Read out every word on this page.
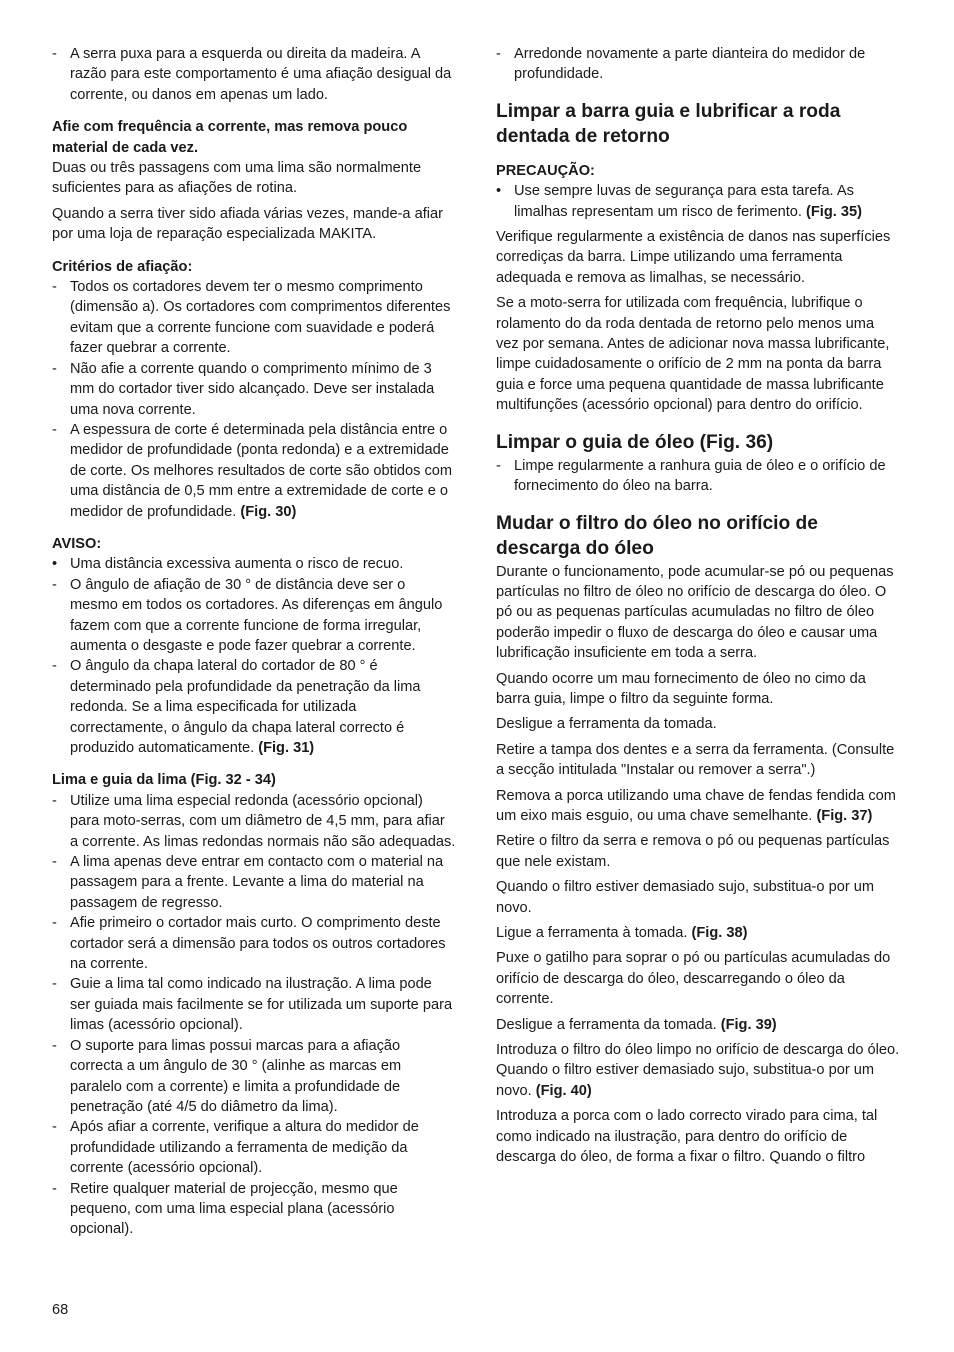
- A serra puxa para a esquerda ou direita da madeira. A razão para este comportamento é uma afiação desigual da corrente, ou danos em apenas um lado.

Afie com frequência a corrente, mas remova pouco material de cada vez.

Duas ou três passagens com uma lima são normalmente suficientes para as afiações de rotina.

Quando a serra tiver sido afiada várias vezes, mande-a afiar por uma loja de reparação especializada MAKITA.

Critérios de afiação:

- Todos os cortadores devem ter o mesmo comprimento (dimensão a). Os cortadores com comprimentos diferentes evitam que a corrente funcione com suavidade e poderá fazer quebrar a corrente.
- Não afie a corrente quando o comprimento mínimo de 3 mm do cortador tiver sido alcançado. Deve ser instalada uma nova corrente.
- A espessura de corte é determinada pela distância entre o medidor de profundidade (ponta redonda) e a extremidade de corte. Os melhores resultados de corte são obtidos com uma distância de 0,5 mm entre a extremidade de corte e o medidor de profundidade. (Fig. 30)

AVISO:

• Uma distância excessiva aumenta o risco de recuo.
- O ângulo de afiação de 30 ° de distância deve ser o mesmo em todos os cortadores. As diferenças em ângulo fazem com que a corrente funcione de forma irregular, aumenta o desgaste e pode fazer quebrar a corrente.
- O ângulo da chapa lateral do cortador de 80 ° é determinado pela profundidade da penetração da lima redonda. Se a lima especificada for utilizada correctamente, o ângulo da chapa lateral correcto é produzido automaticamente. (Fig. 31)

Lima e guia da lima (Fig. 32 - 34)

- Utilize uma lima especial redonda (acessório opcional) para moto-serras, com um diâmetro de 4,5 mm, para afiar a corrente. As limas redondas normais não são adequadas.
- A lima apenas deve entrar em contacto com o material na passagem para a frente. Levante a lima do material na passagem de regresso.
- Afie primeiro o cortador mais curto. O comprimento deste cortador será a dimensão para todos os outros cortadores na corrente.
- Guie a lima tal como indicado na ilustração. A lima pode ser guiada mais facilmente se for utilizada um suporte para limas (acessório opcional).
- O suporte para limas possui marcas para a afiação correcta a um ângulo de 30 ° (alinhe as marcas em paralelo com a corrente) e limita a profundidade de penetração (até 4/5 do diâmetro da lima).
- Após afiar a corrente, verifique a altura do medidor de profundidade utilizando a ferramenta de medição da corrente (acessório opcional).
- Retire qualquer material de projecção, mesmo que pequeno, com uma lima especial plana (acessório opcional).
- Arredonde novamente a parte dianteira do medidor de profundidade.
Limpar a barra guia e lubrificar a roda dentada de retorno

PRECAUÇÃO:

• Use sempre luvas de segurança para esta tarefa. As limalhas representam um risco de ferimento. (Fig. 35)

Verifique regularmente a existência de danos nas superfícies corrediças da barra. Limpe utilizando uma ferramenta adequada e remova as limalhas, se necessário.

Se a moto-serra for utilizada com frequência, lubrifique o rolamento do da roda dentada de retorno pelo menos uma vez por semana. Antes de adicionar nova massa lubrificante, limpe cuidadosamente o orifício de 2 mm na ponta da barra guia e force uma pequena quantidade de massa lubrificante multifunções (acessório opcional) para dentro do orifício.

Limpar o guia de óleo (Fig. 36)
- Limpe regularmente a ranhura guia de óleo e o orifício de fornecimento do óleo na barra.
Mudar o filtro do óleo no orifício de descarga do óleo

Durante o funcionamento, pode acumular-se pó ou pequenas partículas no filtro de óleo no orifício de descarga do óleo. O pó ou as pequenas partículas acumuladas no filtro de óleo poderão impedir o fluxo de descarga do óleo e causar uma lubrificação insuficiente em toda a serra.

Quando ocorre um mau fornecimento de óleo no cimo da barra guia, limpe o filtro da seguinte forma.

Desligue a ferramenta da tomada.

Retire a tampa dos dentes e a serra da ferramenta. (Consulte a secção intitulada "Instalar ou remover a serra".)

Remova a porca utilizando uma chave de fendas fendida com um eixo mais esguio, ou uma chave semelhante. (Fig. 37)

Retire o filtro da serra e remova o pó ou pequenas partículas que nele existam.

Quando o filtro estiver demasiado sujo, substitua-o por um novo.

Ligue a ferramenta à tomada. (Fig. 38)

Puxe o gatilho para soprar o pó ou partículas acumuladas do orifício de descarga do óleo, descarregando o óleo da corrente.

Desligue a ferramenta da tomada. (Fig. 39)

Introduza o filtro do óleo limpo no orifício de descarga do óleo. Quando o filtro estiver demasiado sujo, substitua-o por um novo. (Fig. 40)

Introduza a porca com o lado correcto virado para cima, tal como indicado na ilustração, para dentro do orifício de descarga do óleo, de forma a fixar o filtro. Quando o filtro

68
